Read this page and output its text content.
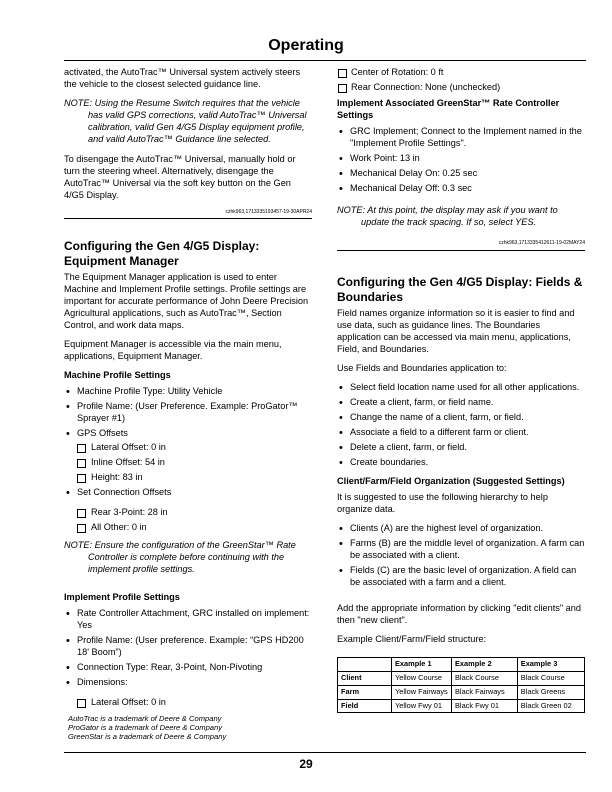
Operating

activated, the AutoTrac™ Universal system actively steers the vehicle to the closest selected guidance line.

NOTE: Using the Resume Switch requires that the vehicle has valid GPS corrections, valid AutoTrac™ Universal calibration, valid Gen 4/G5 Display equipment profile, and valid AutoTrac™ Guidance line selected.

To disengage the AutoTrac™ Universal, manually hold or turn the steering wheel. Alternatively, disengage the AutoTrac™ Universal via the soft key button on the Gen 4/G5 Display.

czhk963,1713335193457-19-30APR24
Configuring the Gen 4/G5 Display: Equipment Manager

The Equipment Manager application is used to enter Machine and Implement Profile settings. Profile settings are important for accurate performance of John Deere Precision Agricultural applications, such as AutoTrac™, Section Control, and work data maps.

Equipment Manager is accessible via the main menu, applications, Equipment Manager.

Machine Profile Settings
• Machine Profile Type: Utility Vehicle
• Profile Name: (User Preference. Example: ProGator™ Sprayer #1)
• GPS Offsets
Lateral Offset: 0 in
Inline Offset: 54 in
Height: 83 in
• Set Connection Offsets
Rear 3-Point: 28 in
All Other: 0 in

NOTE: Ensure the configuration of the GreenStar™ Rate Controller is complete before continuing with the implement profile settings.

Implement Profile Settings
• Rate Controller Attachment, GRC installed on implement: Yes
• Profile Name: (User preference. Example: “GPS HD200 18' Boom”)
• Connection Type: Rear, 3-Point, Non-Pivoting
• Dimensions:
Lateral Offset: 0 in
Center of Rotation: 0 ft
Rear Connection: None (unchecked)
Implement Associated GreenStar™ Rate Controller Settings
• GRC Implement; Connect to the Implement named in the "Implement Profile Settings".
• Work Point: 13 in
• Mechanical Delay On: 0.25 sec
• Mechanical Delay Off: 0.3 sec

NOTE: At this point, the display may ask if you want to update the track spacing. If so, select YES.

czhk963,1713335412611-19-02MAY24
Configuring the Gen 4/G5 Display: Fields & Boundaries

Field names organize information so it is easier to find and use data, such as guidance lines. The Boundaries application can be accessed via main menu, applications, Field, and Boundaries.

Use Fields and Boundaries application to:

• Select field location name used for all other applications.
• Create a client, farm, or field name.
• Change the name of a client, farm, or field.
• Associate a field to a different farm or client.
• Delete a client, farm, or field.
• Create boundaries.
Client/Farm/Field Organization (Suggested Settings)

It is suggested to use the following hierarchy to help organize data.

• Clients (A) are the highest level of organization.
• Farms (B) are the middle level of organization. A farm can be associated with a client.
• Fields (C) are the basic level of organization. A field can be associated with a farm and a client.

Add the appropriate information by clicking "edit clients" and then "new client".

Example Client/Farm/Field structure:

	Example 1	Example 2	Example 3
Client	Yellow Course	Black Course	Black Course
Farm	Yellow Fairways	Black Fairways	Black Greens
Field	Yellow Fwy 01	Black Fwy 01	Black Green 02
AutoTrac is a trademark of Deere & Company
ProGator is a trademark of Deere & Company
GreenStar is a trademark of Deere & Company
29
